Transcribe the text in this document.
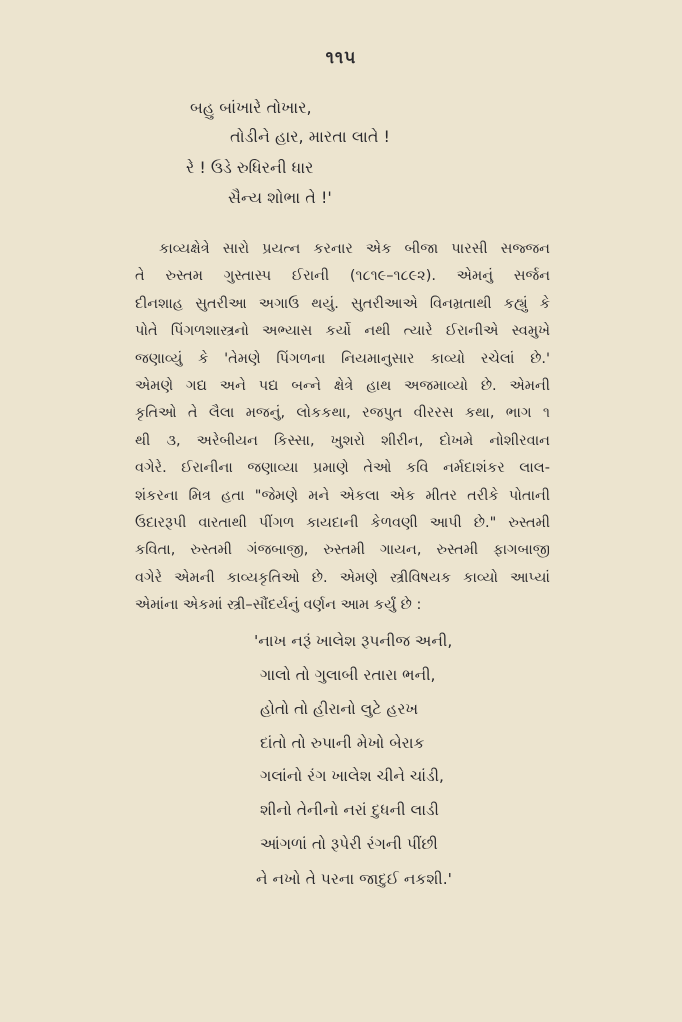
૧૧૫
બહુ બાંખારે તોખાર,
તોડીને હાર, મારતા લાતે !
રે ! ઉડે રુધિરની ધાર
સૈન્ય શોભા તે !'
કાવ્યક્ષેત્રે સારો પ્રયત્ન કરનાર એક બીજા પારસી સજ્જન
તે રુસ્તમ ગુસ્તાસ્પ ઈરાની (૧૮૧૯–૧૮૯૨). એમનું સર્જન
દીનશાહ સુતરીઆ અગાઉ થયું. સુતરીઆએ વિનમ્રતાથી કહ્યું કે
પોતે પિંગળશાસ્ત્રનો અભ્યાસ કર્યો નથી ત્યારે ઈરાનીએ સ્વમુખે
જણાવ્યું કે 'તેમણે પિંગળના નિયમાનુસાર કાવ્યો રચેલાં છે.'
એમણે ગદ્ય અને પદ્ય બન્ને ક્ષેત્રે હાથ અજમાવ્યો છે. એમની
કૃતિઓ તે લૈલા મજનું, લોકકથા, રજપુત વીરરસ કથા, ભાગ ૧
થી ૩, અરેબીયન કિસ્સા, ખુશરો શીરીન, દોખમે નોશીરવાન
વગેરે. ઈરાનીના જણાવ્યા પ્રમાણે તેઓ કવિ નર્મદાશંકર લાલ-
શંકરના મિત્ર હતા "જેમણે મને એકલા એક મીતર તરીકે પોતાની
ઉદારરૂપી વારતાથી પીંગળ કાયદાની કેળવણી આપી છે." રુસ્તમી
કવિતા, રુસ્તમી ગંજબાજી, રુસ્તમી ગાયન, રુસ્તમી ફાગબાજી
વગેરે એમની કાવ્યકૃતિઓ છે. એમણે સ્ત્રીવિષયક કાવ્યો આપ્યાં
એમાંના એકમાં સ્ત્રી–સૌંદર્યનું વર્ણન આમ કર્યું છે :
'નાખ નરૂં ખાલેશ રૂપનીજ અની,
ગાલો તો ગુલાબી રતારા ભની,
હોતો તો હીરાનો લુટે હરખ
દાંતો તો રુપાની મેખો બેરાક
ગલાંનો રંગ ખાલેશ ચીને ચાંડી,
શીનો તેનીનો નરાં દુધની લાડી
આંગળાં તો રૂપેરી રંગની પીંછી
ને નખો તે પરના જાદુઈ નકશી.'
